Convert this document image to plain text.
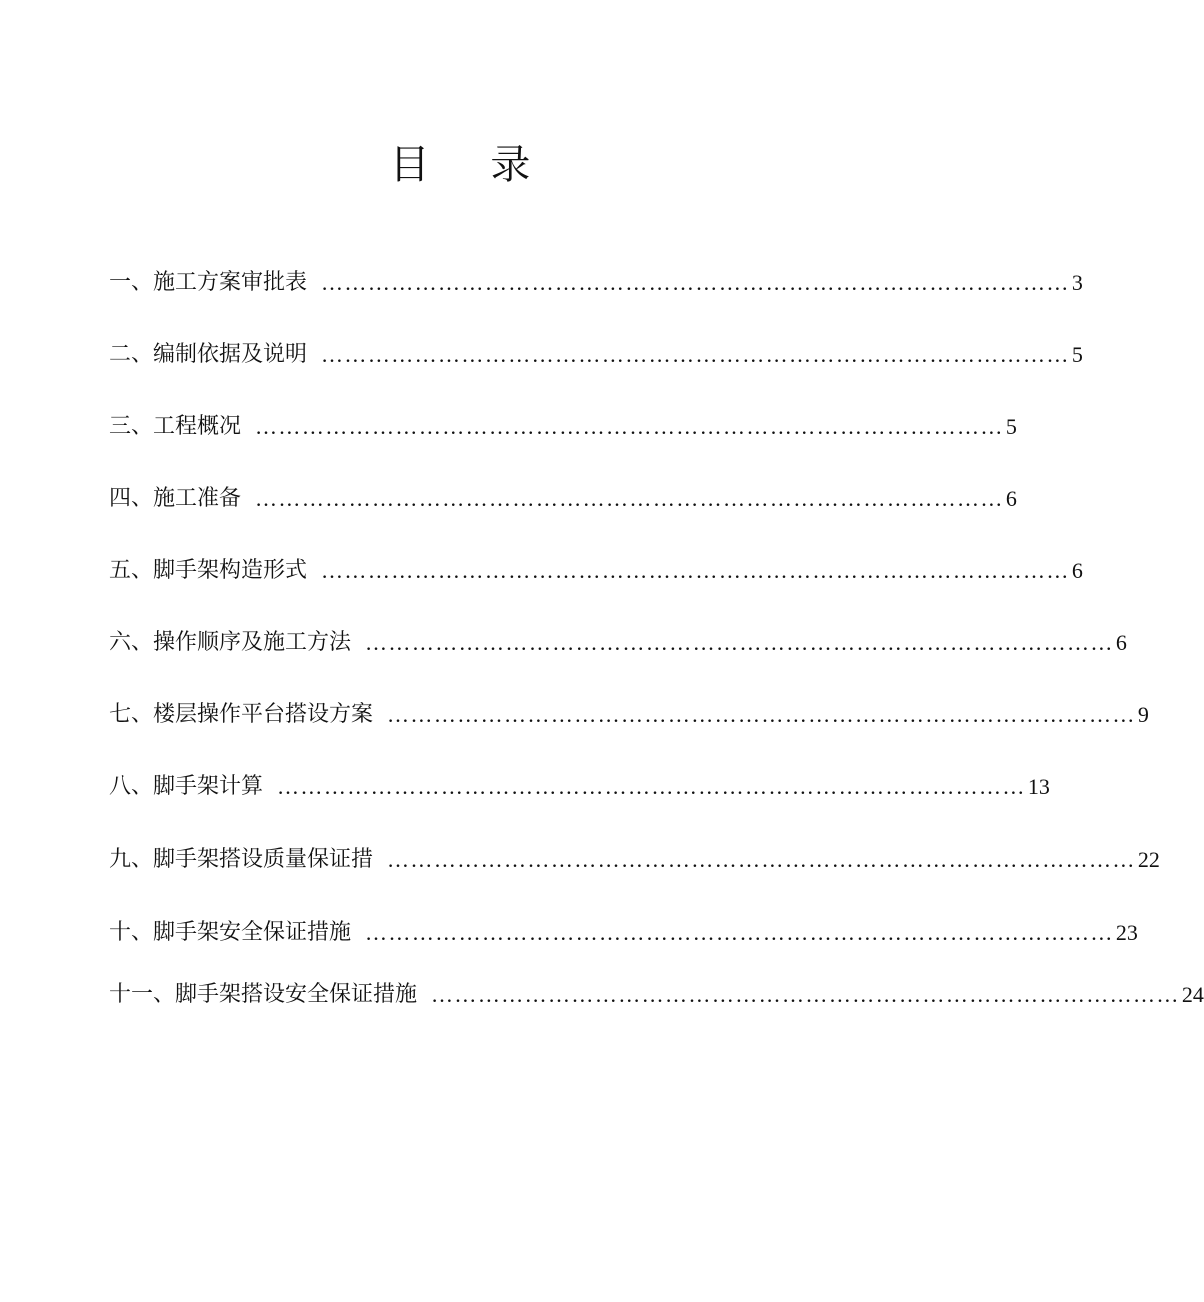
目 录
一、 施工方案审批表 …………………………………………………………………………………… 3
二、 编制依据及说明 …………………………………………………………………………………… 5
三、 工程概况 …………………………………………………………………………………… 5
四、 施工准备 …………………………………………………………………………………… 6
五、 脚手架构造形式 …………………………………………………………………………………… 6
六、 操作顺序及施工方法 …………………………………………………………………………………… 6
七、 楼层操作平台搭设方案 …………………………………………………………………………………… 9
八、 脚手架计算 …………………………………………………………………………………… 13
九、 脚手架搭设质量保证措 …………………………………………………………………………………… 22
十、 脚手架安全保证措施 …………………………………………………………………………………… 23
十一、 脚手架搭设安全保证措施 …………………………………………………………………………………… 24
